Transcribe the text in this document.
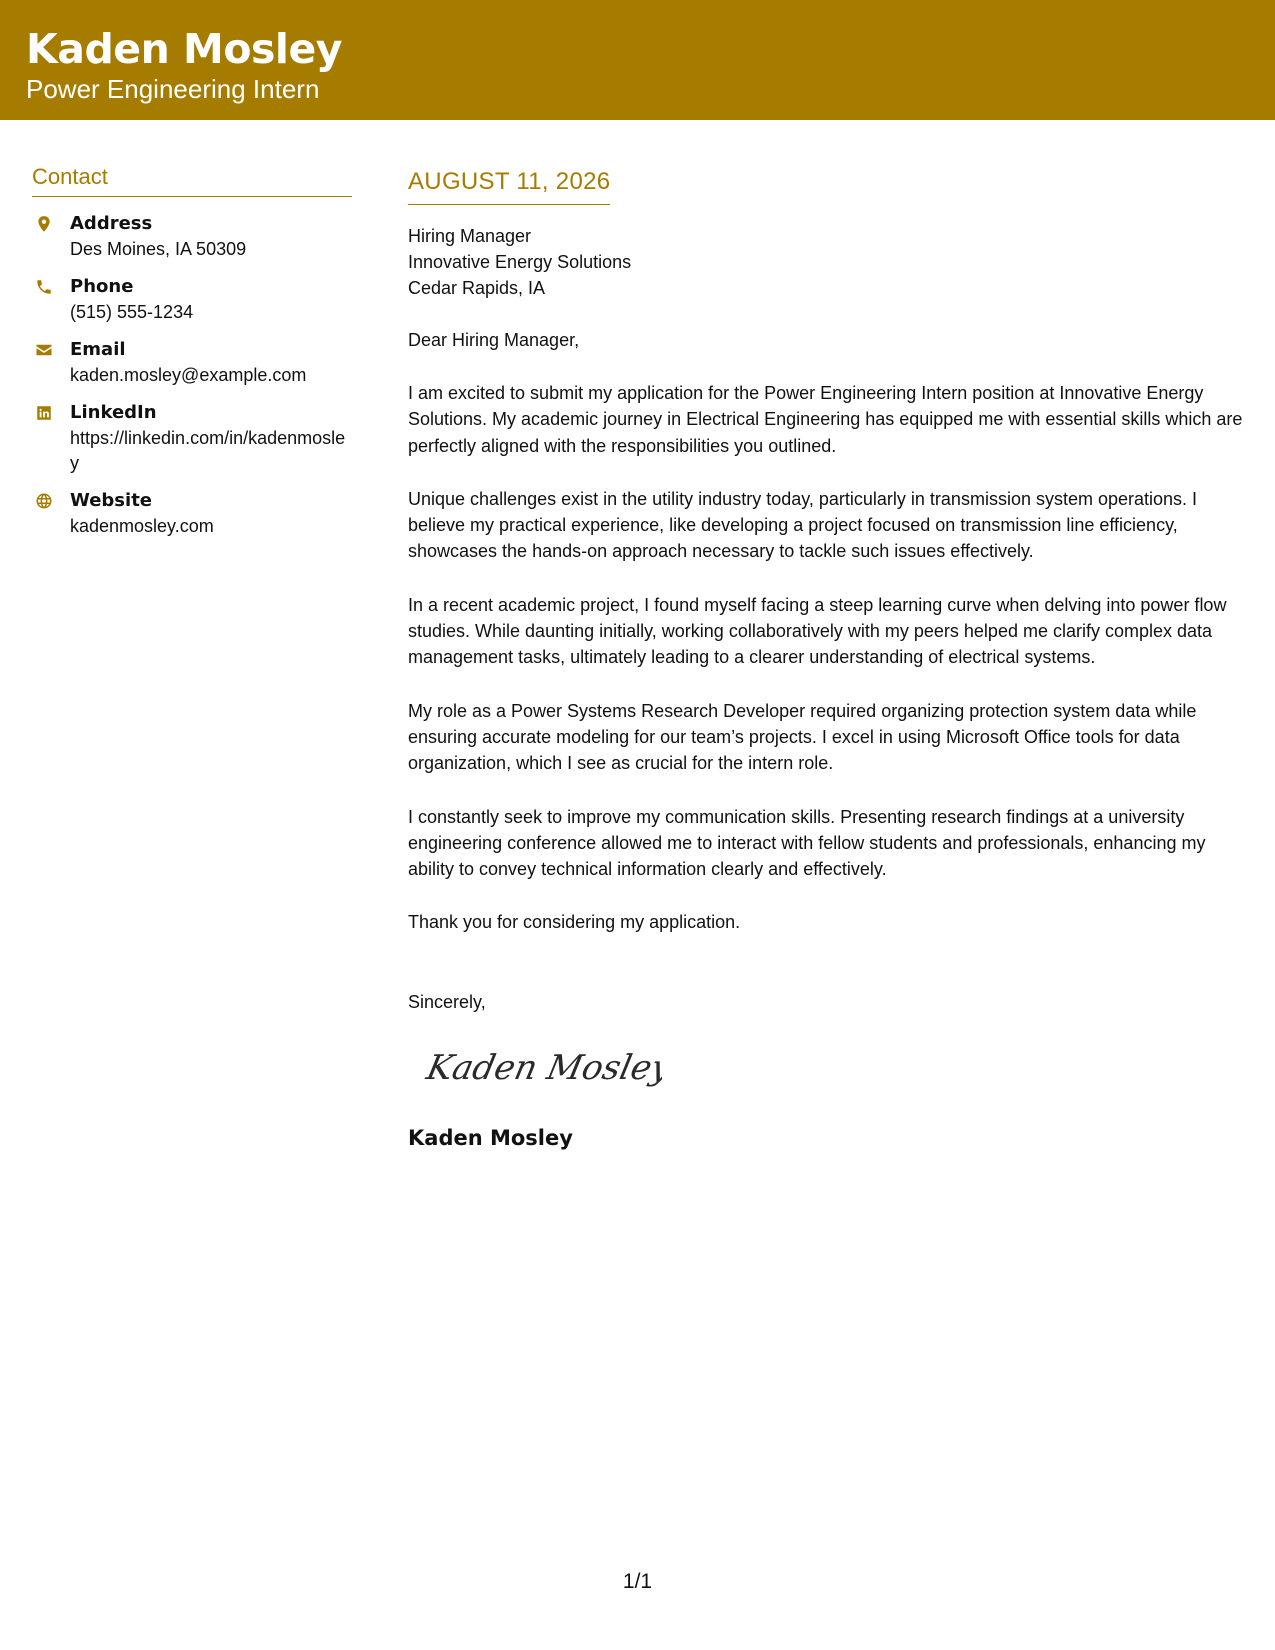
Kaden Mosley
Power Engineering Intern
Contact
Address
Des Moines, IA 50309
Phone
(515) 555-1234
Email
kaden.mosley@example.com
LinkedIn
https://linkedin.com/in/kadenmosley
Website
kadenmosley.com
AUGUST 11, 2026
Hiring Manager
Innovative Energy Solutions
Cedar Rapids, IA
Dear Hiring Manager,

I am excited to submit my application for the Power Engineering Intern position at Innovative Energy Solutions. My academic journey in Electrical Engineering has equipped me with essential skills which are perfectly aligned with the responsibilities you outlined.

Unique challenges exist in the utility industry today, particularly in transmission system operations. I believe my practical experience, like developing a project focused on transmission line efficiency, showcases the hands-on approach necessary to tackle such issues effectively.

In a recent academic project, I found myself facing a steep learning curve when delving into power flow studies. While daunting initially, working collaboratively with my peers helped me clarify complex data management tasks, ultimately leading to a clearer understanding of electrical systems.

My role as a Power Systems Research Developer required organizing protection system data while ensuring accurate modeling for our team’s projects. I excel in using Microsoft Office tools for data organization, which I see as crucial for the intern role.

I constantly seek to improve my communication skills. Presenting research findings at a university engineering conference allowed me to interact with fellow students and professionals, enhancing my ability to convey technical information clearly and effectively.

Thank you for considering my application.

Sincerely,
Kaden Mosley
Kaden Mosley
1/1
